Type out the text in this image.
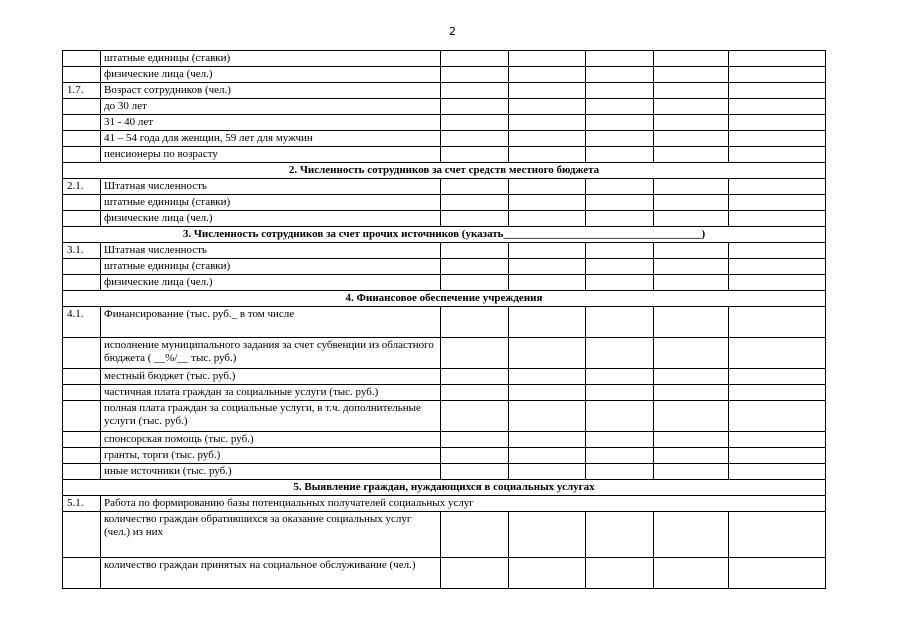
2
	штатные единицы (ставки)					
	физические лица (чел.)					
1.7.	Возраст сотрудников (чел.)					
	до 30 лет					
	31 - 40 лет					
	41 – 54 года для женщин, 59 лет для мужчин					
	пенсионеры по возрасту					
2. Численность сотрудников за счет средств местного бюджета						
2.1.	Штатная численность					
	штатные единицы (ставки)					
	физические лица (чел.)					
3. Численность сотрудников за счет прочих источников (указать____________________________________)						
3.1.	Штатная численность					
	штатные единицы (ставки)					
	физические лица (чел.)					
4. Финансовое обеспечение учреждения						
4.1.	Финансирование (тыс. руб._ в том числе					
	исполнение муниципального задания за счет субвенции из областного бюджета ( __%/__ тыс. руб.)					
	местный бюджет (тыс. руб.)					
	частичная плата граждан за социальные услуги (тыс. руб.)					
	полная плата граждан за социальные услуги, в т.ч. дополнительные услуги (тыс. руб.)					
	спонсорская помощь (тыс. руб.)					
	гранты, торги (тыс. руб.)					
	иные источники (тыс. руб.)					
5. Выявление граждан, нуждающихся в социальных услугах						
5.1.	Работа по формированию базы потенциальных получателей социальных услуг					
	количество граждан обратившихся за оказание социальных услуг (чел.) из них					
	количество граждан принятых на социальное обслуживание (чел.)					
